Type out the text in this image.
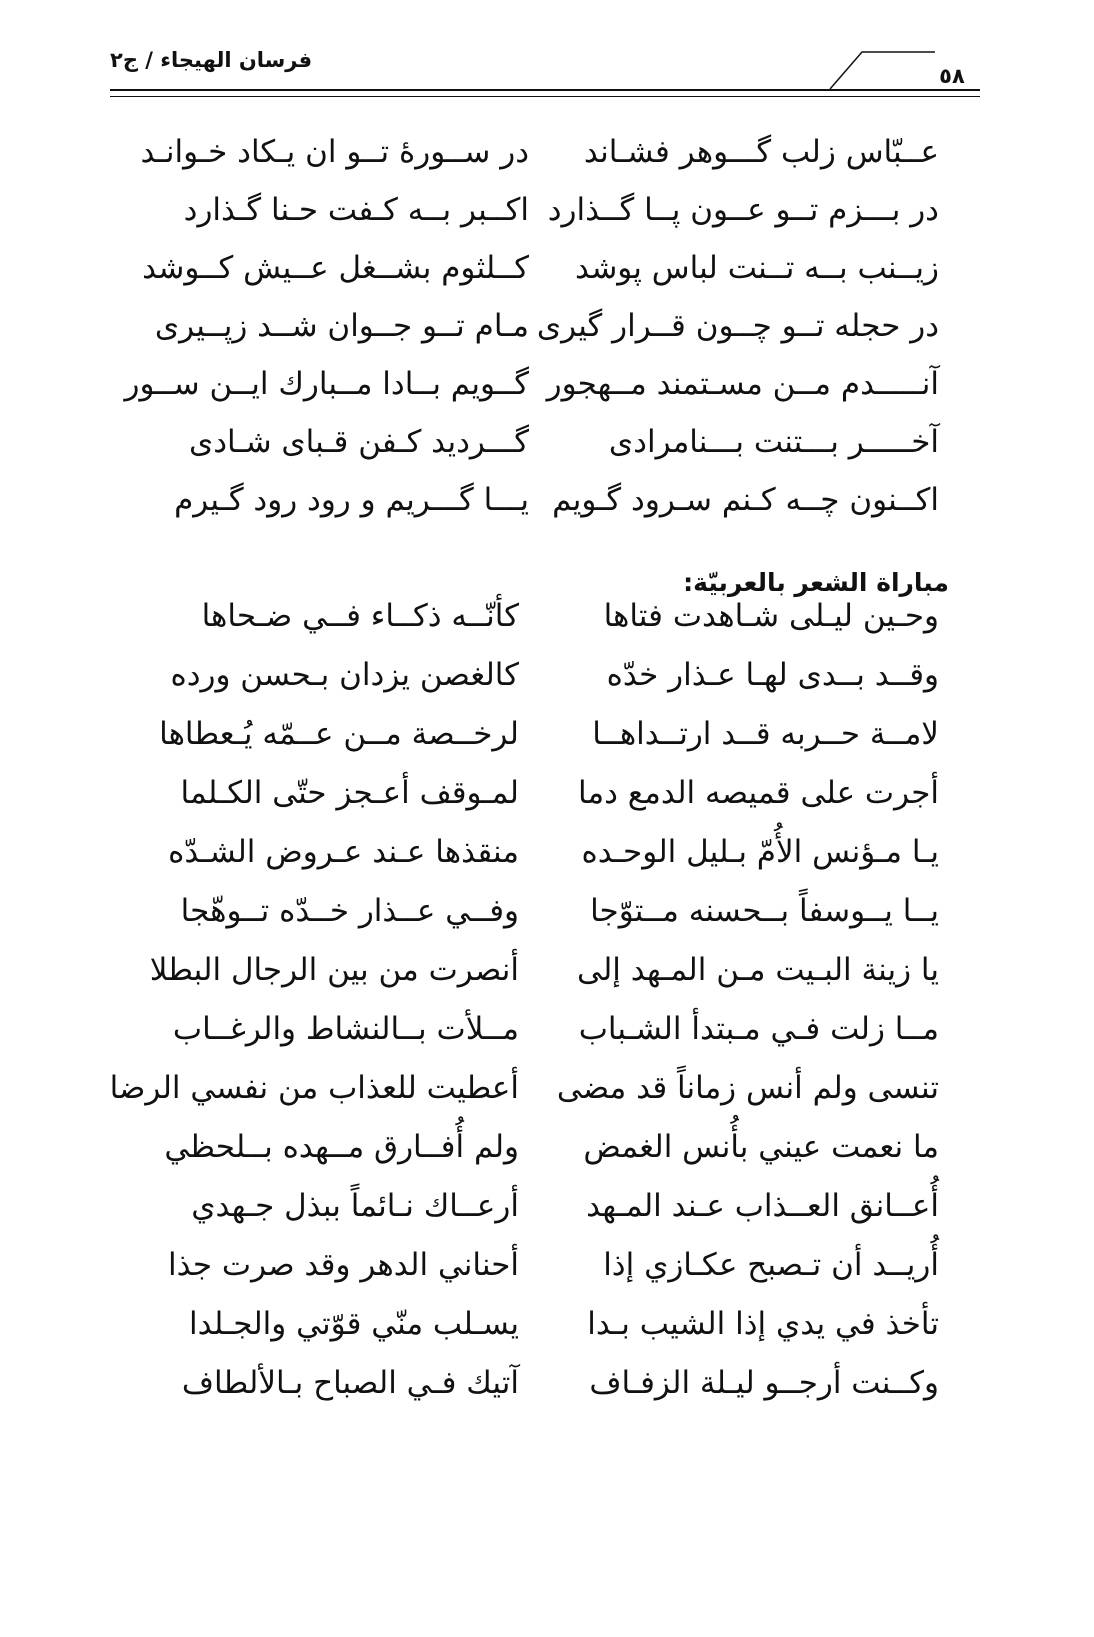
فرسان الهيجاء / ج٢
٥٨
عــبّاس زلب گـــوهر فشـاند
در بـــزم تــو عــون پــا گــذارد
زيــنب بــه تــنت لباس پوشد
در حجله تــو چــون قــرار گيرى
آنـــــدم مــن مسـتمند مــهجور
آخـــــر بـــتنت بـــنامرادى
اكــنون چــه كـنم سـرود گـويم
در ســورهٔ تــو ان يـكاد خـوانـد
اكــبر بــه كـفت حـنا گـذارد
كــلثوم بشــغل عــيش كــوشد
مـام تــو جــوان شــد زپــيرى
گــويم بــادا مــبارك ايــن ســور
گـــرديد كـفن قـباى شـادى
يـــا گـــريم و رود رود گـيرم
مباراة الشعر بالعربيّة:
وحـين ليـلى شـاهدت فتاها
وقــد بــدى لهـا عـذار خدّه
لامــة حــربه قــد ارتــداهــا
أجرت على قميصه الدمع دما
يـا مـؤنس الأُمّ بـليل الوحـده
يــا يــوسفاً بــحسنه مــتوّجا
يا زينة البـيت مـن المـهد إلى
مــا زلت فـي مـبتدأ الشـباب
تنسى ولم أنس زماناً قد مضى
ما نعمت عيني بأُنس الغمض
أُعــانق العــذاب عـند المـهد
أُريــد أن تـصبح عكـازي إذا
تأخذ في يدي إذا الشيب بـدا
وكــنت أرجــو ليـلة الزفـاف
كأنّــه ذكــاء فــي ضـحاها
كالغصن يزدان بـحسن ورده
لرخــصة مــن عــمّه يُـعطاها
لمـوقف أعـجز حتّى الكـلما
منقذها عـند عـروض الشـدّه
وفــي عــذار خــدّه تــوهّجا
أنصرت من بين الرجال البطلا
مــلأت بــالنشاط والرغــاب
أعطيت للعذاب من نفسي الرضا
ولم أُفــارق مــهده بــلحظي
أرعــاك نـائماً ببذل جـهدي
أحناني الدهر وقد صرت جذا
يسـلب منّي قوّتي والجـلدا
آتيك فـي الصباح بـالألطاف
